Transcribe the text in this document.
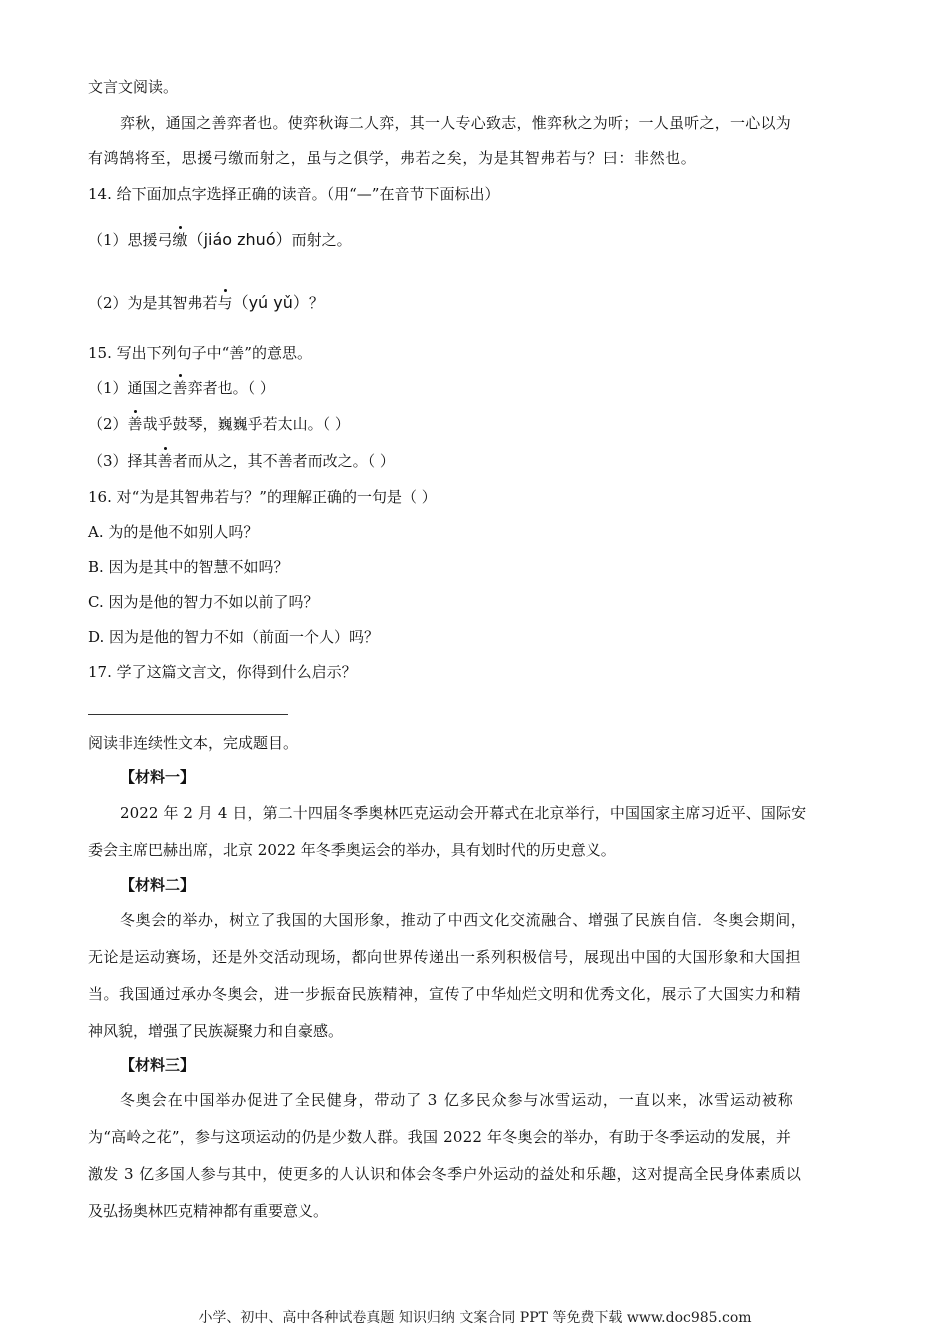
文言文阅读。
弈秋，通国之善弈者也。使弈秋诲二人弈，其一人专心致志，惟弈秋之为听；一人虽听之，一心以为
有鸿鹄将至，思援弓缴而射之，虽与之俱学，弗若之矣，为是其智弗若与？曰：非然也。
14. 给下面加点字选择正确的读音。（用“—”在音节下面标出）
（1）思援弓缴（jiáo zhuó）而射之。
（2）为是其智弗若与（yú yǔ）？
15. 写出下列句子中“善”的意思。
（1）通国之善弈者也。（ ）
（2）善哉乎鼓琴，巍巍乎若太山。（ ）
（3）择其善者而从之，其不善者而改之。（ ）
16. 对“为是其智弗若与？”的理解正确的一句是（ ）
A. 为的是他不如别人吗？
B. 因为是其中的智慧不如吗？
C. 因为是他的智力不如以前了吗？
D. 因为是他的智力不如（前面一个人）吗？
17. 学了这篇文言文，你得到什么启示？
阅读非连续性文本，完成题目。
【材料一】
2022 年 2 月 4 日，第二十四届冬季奥林匹克运动会开幕式在北京举行，中国国家主席习近平、国际安
委会主席巴赫出席，北京 2022 年冬季奥运会的举办，具有划时代的历史意义。
【材料二】
冬奥会的举办，树立了我国的大国形象，推动了中西文化交流融合、增强了民族自信．冬奥会期间，
无论是运动赛场，还是外交活动现场，都向世界传递出一系列积极信号，展现出中国的大国形象和大国担
当。我国通过承办冬奥会，进一步振奋民族精神，宣传了中华灿烂文明和优秀文化，展示了大国实力和精
神风貌，增强了民族凝聚力和自豪感。
【材料三】
冬奥会在中国举办促进了全民健身，带动了 3 亿多民众参与冰雪运动，一直以来，冰雪运动被称
为“高岭之花”，参与这项运动的仍是少数人群。我国 2022 年冬奥会的举办，有助于冬季运动的发展，并
激发 3 亿多国人参与其中，使更多的人认识和体会冬季户外运动的益处和乐趣，这对提高全民身体素质以
及弘扬奥林匹克精神都有重要意义。
小学、初中、高中各种试卷真题 知识归纳 文案合同 PPT 等免费下载 www.doc985.com
